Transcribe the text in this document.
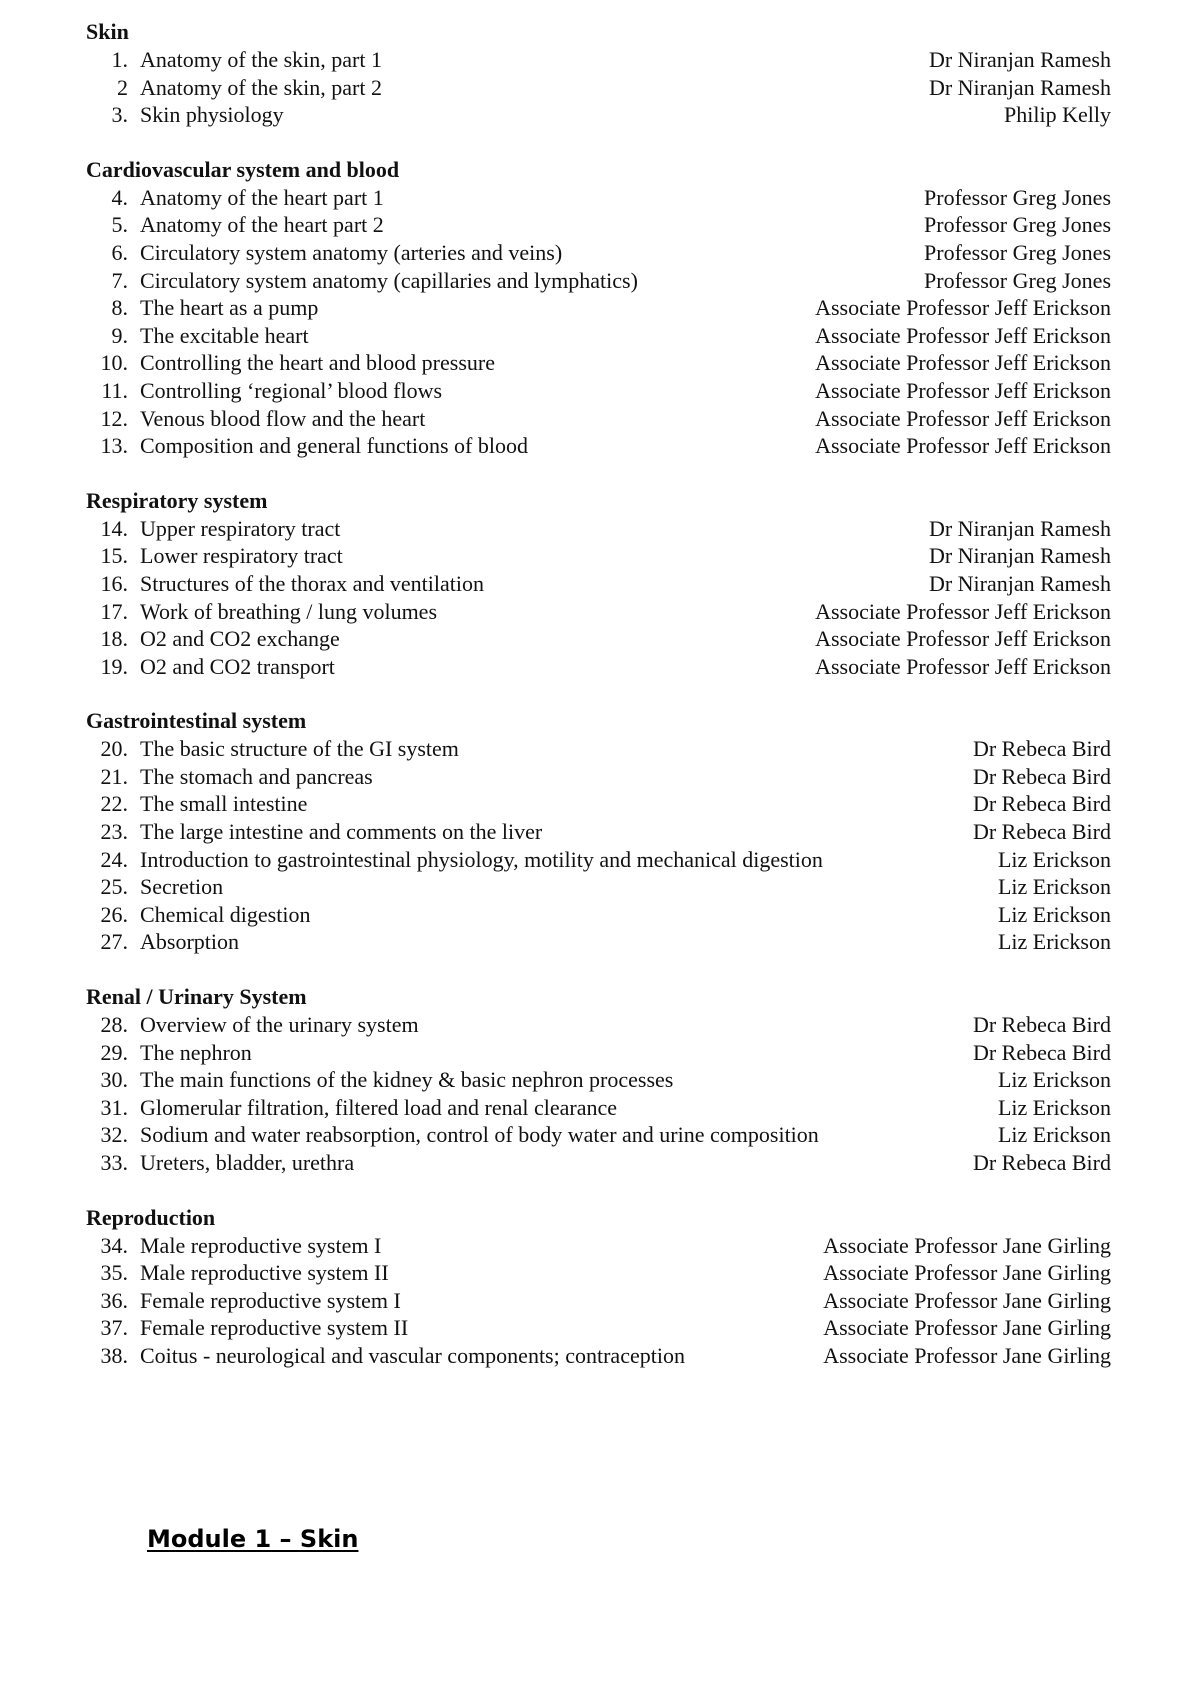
Skin
1. Anatomy of the skin, part 1	Dr Niranjan Ramesh
2 Anatomy of the skin, part 2	Dr Niranjan Ramesh
3. Skin physiology	Philip Kelly
Cardiovascular system and blood
4. Anatomy of the heart part 1	Professor Greg Jones
5. Anatomy of the heart part 2	Professor Greg Jones
6. Circulatory system anatomy (arteries and veins)	Professor Greg Jones
7. Circulatory system anatomy (capillaries and lymphatics)	Professor Greg Jones
8. The heart as a pump	Associate Professor Jeff Erickson
9. The excitable heart	Associate Professor Jeff Erickson
10. Controlling the heart and blood pressure	Associate Professor Jeff Erickson
11. Controlling ‘regional’ blood flows	Associate Professor Jeff Erickson
12. Venous blood flow and the heart	Associate Professor Jeff Erickson
13. Composition and general functions of blood	Associate Professor Jeff Erickson
Respiratory system
14. Upper respiratory tract	Dr Niranjan Ramesh
15. Lower respiratory tract	Dr Niranjan Ramesh
16. Structures of the thorax and ventilation	Dr Niranjan Ramesh
17. Work of breathing / lung volumes	Associate Professor Jeff Erickson
18. O2 and CO2 exchange	Associate Professor Jeff Erickson
19. O2 and CO2 transport	Associate Professor Jeff Erickson
Gastrointestinal system
20. The basic structure of the GI system	Dr Rebeca Bird
21. The stomach and pancreas	Dr Rebeca Bird
22. The small intestine	Dr Rebeca Bird
23. The large intestine and comments on the liver	Dr Rebeca Bird
24. Introduction to gastrointestinal physiology, motility and mechanical digestion	Liz Erickson
25. Secretion	Liz Erickson
26. Chemical digestion	Liz Erickson
27. Absorption	Liz Erickson
Renal / Urinary System
28. Overview of the urinary system	Dr Rebeca Bird
29. The nephron	Dr Rebeca Bird
30. The main functions of the kidney & basic nephron processes	Liz Erickson
31. Glomerular filtration, filtered load and renal clearance	Liz Erickson
32. Sodium and water reabsorption, control of body water and urine composition	Liz Erickson
33. Ureters, bladder, urethra	Dr Rebeca Bird
Reproduction
34. Male reproductive system I	Associate Professor Jane Girling
35. Male reproductive system II	Associate Professor Jane Girling
36. Female reproductive system I	Associate Professor Jane Girling
37. Female reproductive system II	Associate Professor Jane Girling
38. Coitus - neurological and vascular components; contraception	Associate Professor Jane Girling
Module 1 – Skin
